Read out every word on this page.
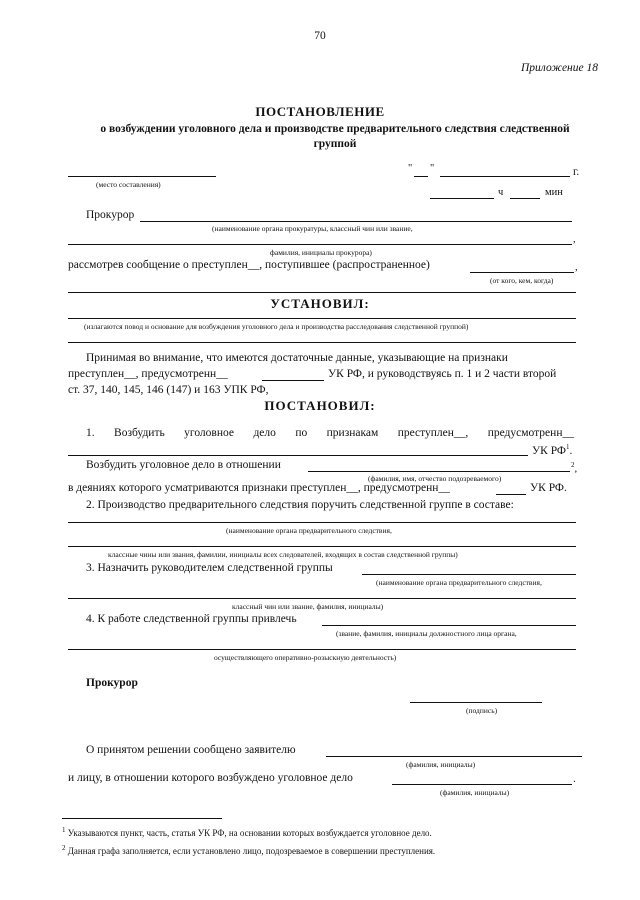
70
Приложение 18
ПОСТАНОВЛЕНИЕ
о возбуждении уголовного дела и производстве предварительного следствия следственной
группой
(место составления)
" "	г.
ч	мин
Прокурор
(наименование органа прокуратуры, классный чин или звание,
,
фамилия, инициалы прокурора)
рассмотрев сообщение о преступлен__, поступившее (распространенное)	,
(от кого, кем, когда)
УСТАНОВИЛ:
(излагаются повод и основание для возбуждения уголовного дела и производства расследования следственной группой)
Принимая во внимание, что имеются достаточные данные, указывающие на признаки
преступлен__, предусмотренн__	УК РФ, и руководствуясь п. 1 и 2 части второй
ст. 37, 140, 145, 146 (147) и 163 УПК РФ,
ПОСТАНОВИЛ:
1. Возбудить уголовное дело по признакам преступлен__, предусмотренн__
УК $РФ^1$.
Возбудить уголовное дело в отношении	$^2$,
(фамилия, имя, отчество подозреваемого)
в деяниях которого усматриваются признаки преступлен__, предусмотренн__	УК РФ.
2. Производство предварительного следствия поручить следственной группе в составе:
(наименование органа предварительного следствия,
классные чины или звания, фамилии, инициалы всех следователей, входящих в состав следственной группы)
3. Назначить руководителем следственной группы
(наименование органа предварительного следствия,
классный чин или звание, фамилия, инициалы)
4. К работе следственной группы привлечь
(звание, фамилия, инициалы должностного лица органа,
осуществляющего оперативно-розыскную деятельность)
Прокурор
(подпись)
О принятом решении сообщено заявителю
(фамилия, инициалы)
и лицу, в отношении которого возбуждено уголовное дело	.
(фамилия, инициалы)
$^1$ Указываются пункт, часть, статья УК РФ, на основании которых возбуждается уголовное дело.
$^2$ Данная графа заполняется, если установлено лицо, подозреваемое в совершении преступления.
